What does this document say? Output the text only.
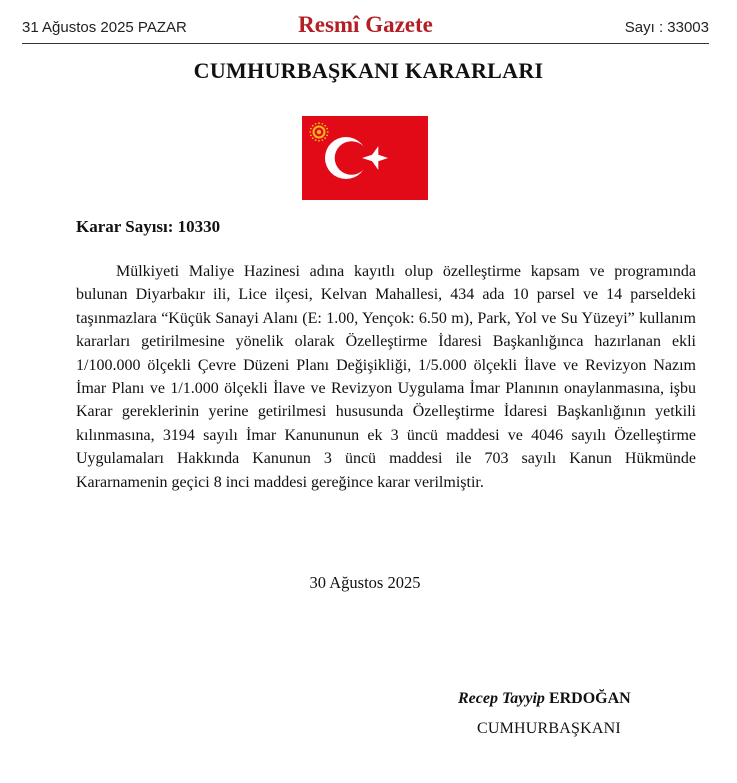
31 Ağustos 2025 PAZAR	Resmî Gazete	Sayı : 33003
CUMHURBAŞKANI KARARLARI
Karar Sayısı: 10330

Mülkiyeti Maliye Hazinesi adına kayıtlı olup özelleştirme kapsam ve programında bulunan Diyarbakır ili, Lice ilçesi, Kelvan Mahallesi, 434 ada 10 parsel ve 14 parseldeki taşınmazlara “Küçük Sanayi Alanı (E: 1.00, Yençok: 6.50 m), Park, Yol ve Su Yüzeyi” kullanım kararları getirilmesine yönelik olarak Özelleştirme İdaresi Başkanlığınca hazırlanan ekli 1/100.000 ölçekli Çevre Düzeni Planı Değişikliği, 1/5.000 ölçekli İlave ve Revizyon Nazım İmar Planı ve 1/1.000 ölçekli İlave ve Revizyon Uygulama İmar Planının onaylanmasına, işbu Karar gereklerinin yerine getirilmesi hususunda Özelleştirme İdaresi Başkanlığının yetkili kılınmasına, 3194 sayılı İmar Kanununun ek 3 üncü maddesi ve 4046 sayılı Özelleştirme Uygulamaları Hakkında Kanunun 3 üncü maddesi ile 703 sayılı Kanun Hükmünde Kararnamenin geçici 8 inci maddesi gereğince karar verilmiştir.

30 Ağustos 2025
Recep Tayyip ERDOĞAN
CUMHURBAŞKANI
